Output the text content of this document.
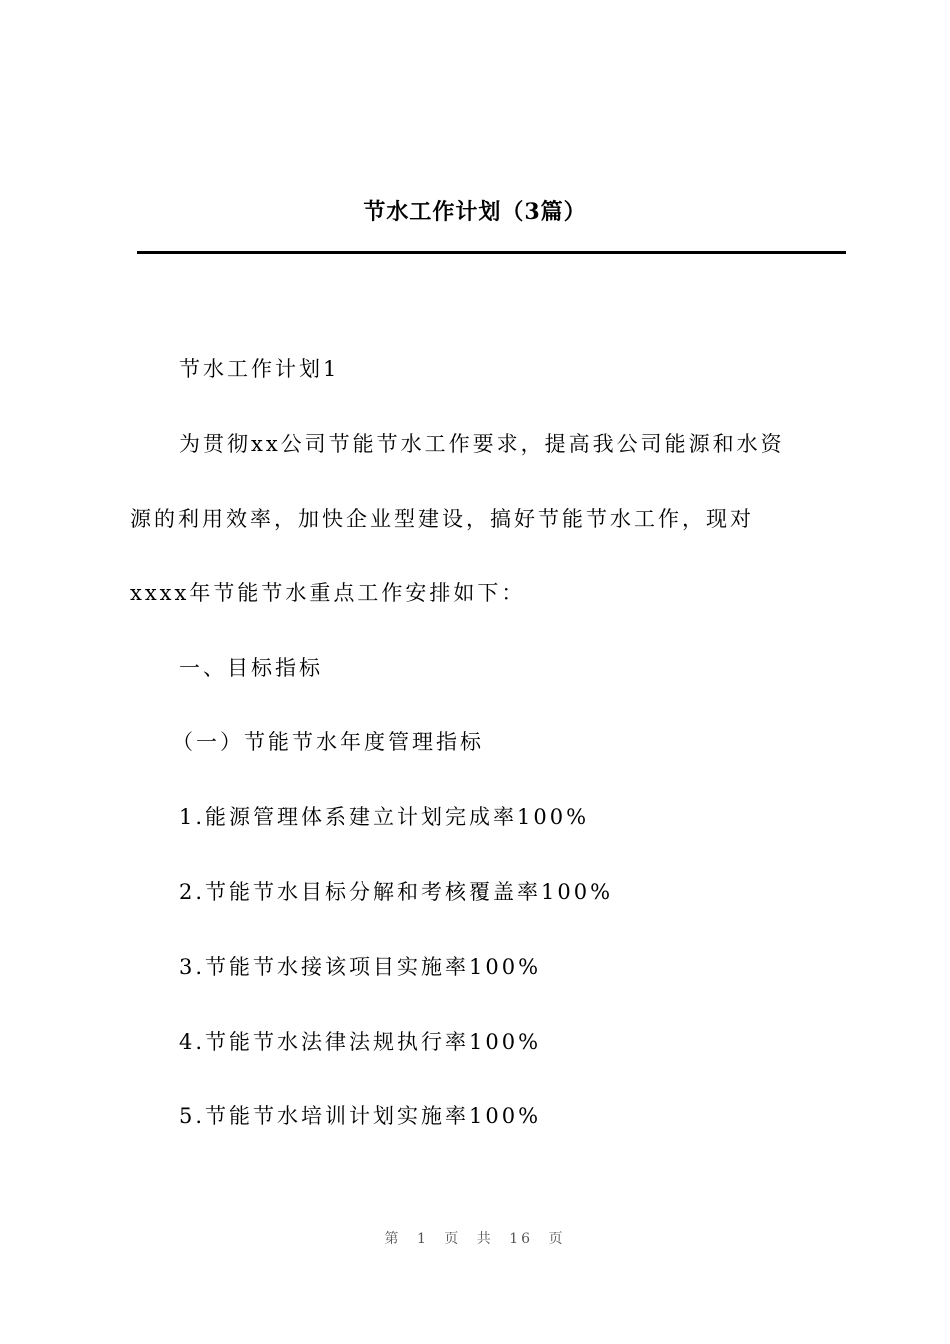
节水工作计划（3篇）
节水工作计划1
为贯彻xx公司节能节水工作要求，提高我公司能源和水资
源的利用效率，加快企业型建设，搞好节能节水工作，现对
xxxx年节能节水重点工作安排如下：
一、目标指标
（一）节能节水年度管理指标
1.能源管理体系建立计划完成率100%
2.节能节水目标分解和考核覆盖率100%
3.节能节水接该项目实施率100%
4.节能节水法律法规执行率100%
5.节能节水培训计划实施率100%
第 1 页 共 16 页
